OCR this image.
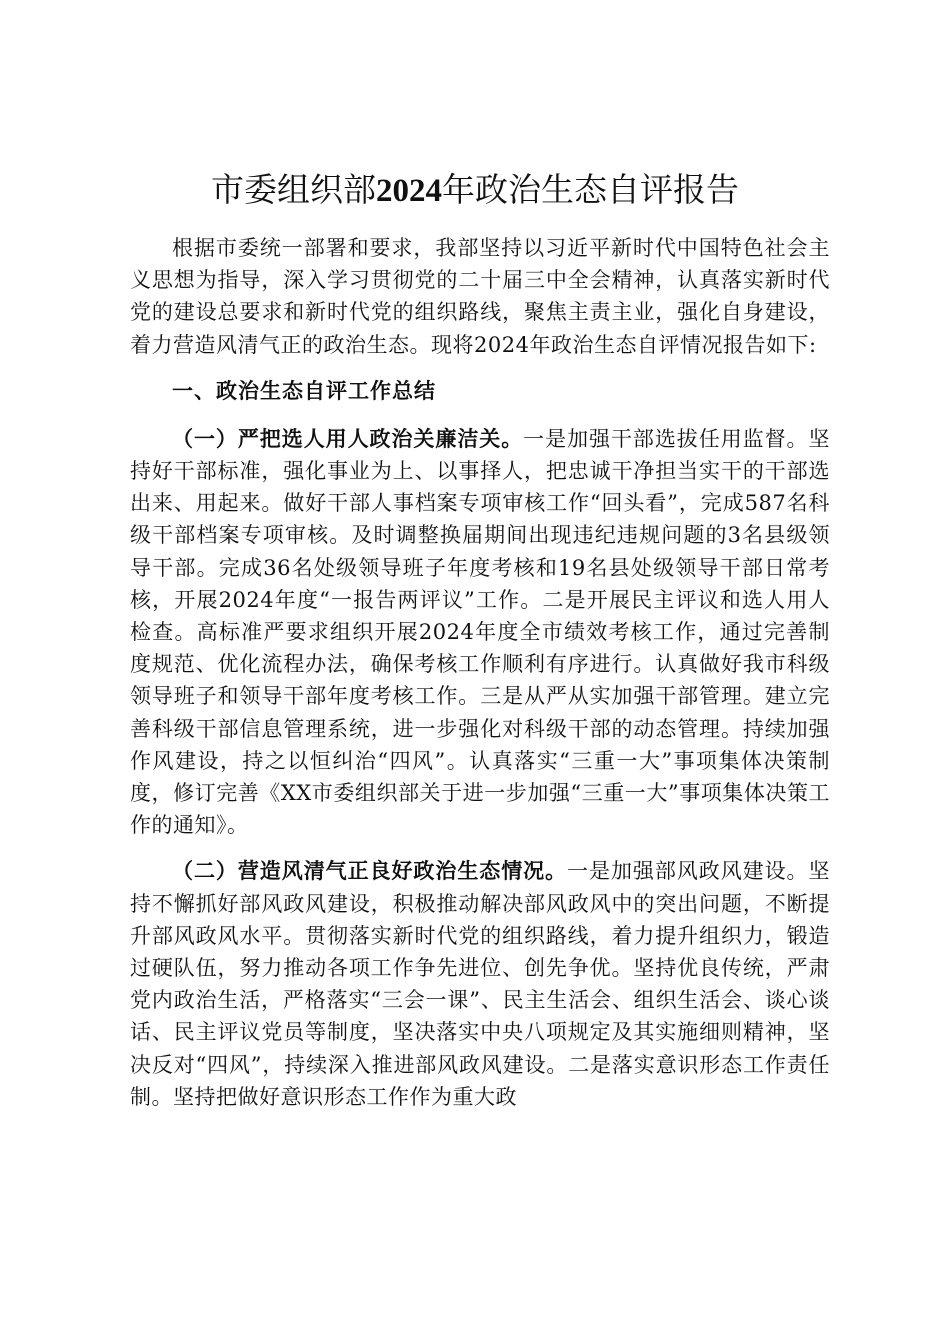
市委组织部2024年政治生态自评报告

根据市委统一部署和要求，我部坚持以习近平新时代中国特色社会主义思想为指导，深入学习贯彻党的二十届三中全会精神，认真落实新时代党的建设总要求和新时代党的组织路线，聚焦主责主业，强化自身建设，着力营造风清气正的政治生态。现将2024年政治生态自评情况报告如下:

一、政治生态自评工作总结

（一）严把选人用人政治关廉洁关。一是加强干部选拔任用监督。坚持好干部标准，强化事业为上、以事择人，把忠诚干净担当实干的干部选出来、用起来。做好干部人事档案专项审核工作“回头看”，完成587名科级干部档案专项审核。及时调整换届期间出现违纪违规问题的3名县级领导干部。完成36名处级领导班子年度考核和19名县处级领导干部日常考核，开展2024年度“一报告两评议”工作。二是开展民主评议和选人用人检查。高标准严要求组织开展2024年度全市绩效考核工作，通过完善制度规范、优化流程办法，确保考核工作顺利有序进行。认真做好我市科级领导班子和领导干部年度考核工作。三是从严从实加强干部管理。建立完善科级干部信息管理系统，进一步强化对科级干部的动态管理。持续加强作风建设，持之以恒纠治“四风”。认真落实“三重一大”事项集体决策制度，修订完善《XX市委组织部关于进一步加强“三重一大”事项集体决策工作的通知》。

（二）营造风清气正良好政治生态情况。一是加强部风政风建设。坚持不懈抓好部风政风建设，积极推动解决部风政风中的突出问题，不断提升部风政风水平。贯彻落实新时代党的组织路线，着力提升组织力，锻造过硬队伍，努力推动各项工作争先进位、创先争优。坚持优良传统，严肃党内政治生活，严格落实“三会一课”、民主生活会、组织生活会、谈心谈话、民主评议党员等制度，坚决落实中央八项规定及其实施细则精神，坚决反对“四风”，持续深入推进部风政风建设。二是落实意识形态工作责任制。坚持把做好意识形态工作作为重大政
